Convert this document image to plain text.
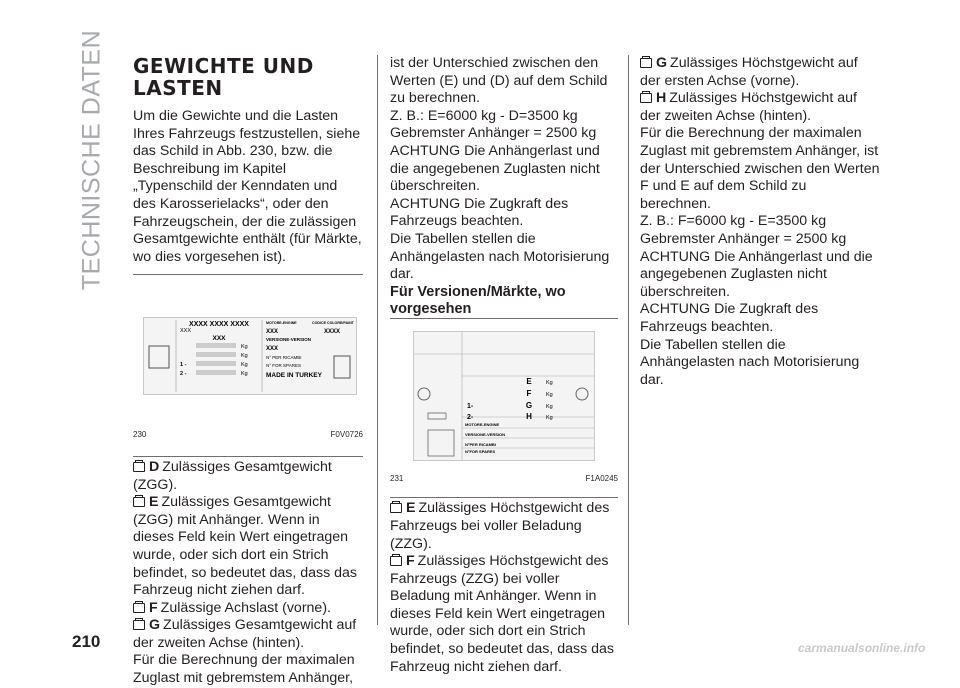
TECHNISCHE DATEN
210
GEWICHTE UND LASTEN

Um die Gewichte und die Lasten Ihres Fahrzeugs festzustellen, siehe das Schild in Abb. 230, bzw. die Beschreibung im Kapitel „Typenschild der Kenndaten und des Karosserielacks“, oder den Fahrzeugschein, der die zulässigen Gesamtgewichte enthält (für Märkte, wo dies vorgesehen ist).

XXXX XXXX XXXX
XXX
XXX
Kg
Kg
Kg
Kg
1 -
2 -
MOTORE-ENGINE	CODICE COLORE/PAINT
XXX	XXXX
VERSIONE-VERSION
XXX
N° PER RICAMBI
N° FOR SPARES
MADE IN TURKEY
230	F0V0726

D Zulässiges Gesamtgewicht (ZGG).

E Zulässiges Gesamtgewicht (ZGG) mit Anhänger. Wenn in dieses Feld kein Wert eingetragen wurde, oder sich dort ein Strich befindet, so bedeutet das, dass das Fahrzeug nicht ziehen darf.

F Zulässige Achslast (vorne).

G Zulässiges Gesamtgewicht auf der zweiten Achse (hinten).

Für die Berechnung der maximalen Zuglast mit gebremstem Anhänger,

ist der Unterschied zwischen den Werten (E) und (D) auf dem Schild zu berechnen.

Z. B.: E=6000 kg - D=3500 kg

Gebremster Anhänger = 2500 kg

ACHTUNG Die Anhängerlast und die angegebenen Zuglasten nicht überschreiten.

ACHTUNG Die Zugkraft des Fahrzeugs beachten.

Die Tabellen stellen die Anhängelasten nach Motorisierung dar.

Für Versionen/Märkte, wo vorgesehen

E
F
G
H
Kg
Kg
Kg
Kg
1-
2-
MOTORE-ENGINE
VERSIONE-VERSION
N°PER RICAMBI
N°FOR SPARES
231	F1A0245

E Zulässiges Höchstgewicht des Fahrzeugs bei voller Beladung (ZZG).

F Zulässiges Höchstgewicht des Fahrzeugs (ZZG) bei voller Beladung mit Anhänger. Wenn in dieses Feld kein Wert eingetragen wurde, oder sich dort ein Strich befindet, so bedeutet das, dass das Fahrzeug nicht ziehen darf.

G Zulässiges Höchstgewicht auf der ersten Achse (vorne).

H Zulässiges Höchstgewicht auf der zweiten Achse (hinten).

Für die Berechnung der maximalen Zuglast mit gebremstem Anhänger, ist der Unterschied zwischen den Werten F und E auf dem Schild zu berechnen.

Z. B.: F=6000 kg - E=3500 kg

Gebremster Anhänger = 2500 kg

ACHTUNG Die Anhängerlast und die angegebenen Zuglasten nicht überschreiten.

ACHTUNG Die Zugkraft des Fahrzeugs beachten.

Die Tabellen stellen die Anhängelasten nach Motorisierung dar.

carmanualsonline.info
